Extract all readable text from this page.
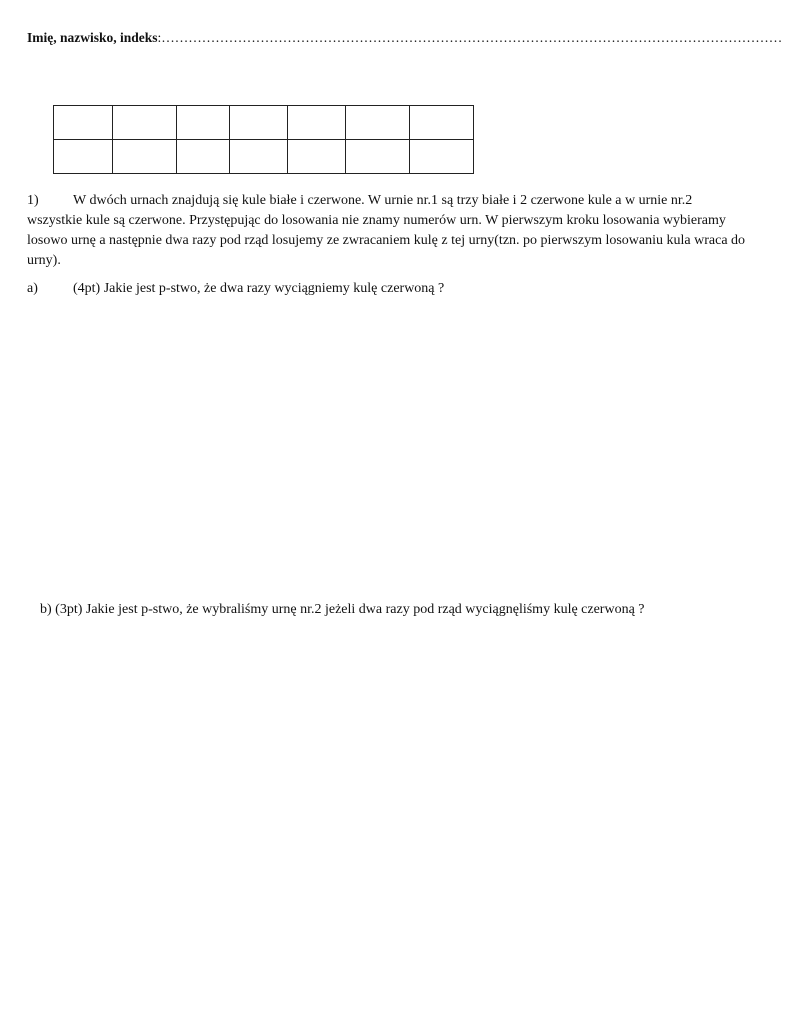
Imię, nazwisko, indeks:…………………………………………………………………………………………………………………………

1) W dwóch urnach znajdują się kule białe i czerwone. W urnie nr.1 są trzy białe i 2 czerwone kule a w urnie nr.2 wszystkie kule są czerwone. Przystępując do losowania nie znamy numerów urn. W pierwszym kroku losowania wybieramy losowo urnę a następnie dwa razy pod rząd losujemy ze zwracaniem kulę z tej urny(tzn. po pierwszym losowaniu kula wraca do urny).
a)	(4pt) Jakie jest p-stwo, że dwa razy wyciągniemy kulę czerwoną ?
b) (3pt) Jakie jest p-stwo, że wybraliśmy urnę nr.2 jeżeli dwa razy pod rząd wyciągnęliśmy kulę czerwoną ?
